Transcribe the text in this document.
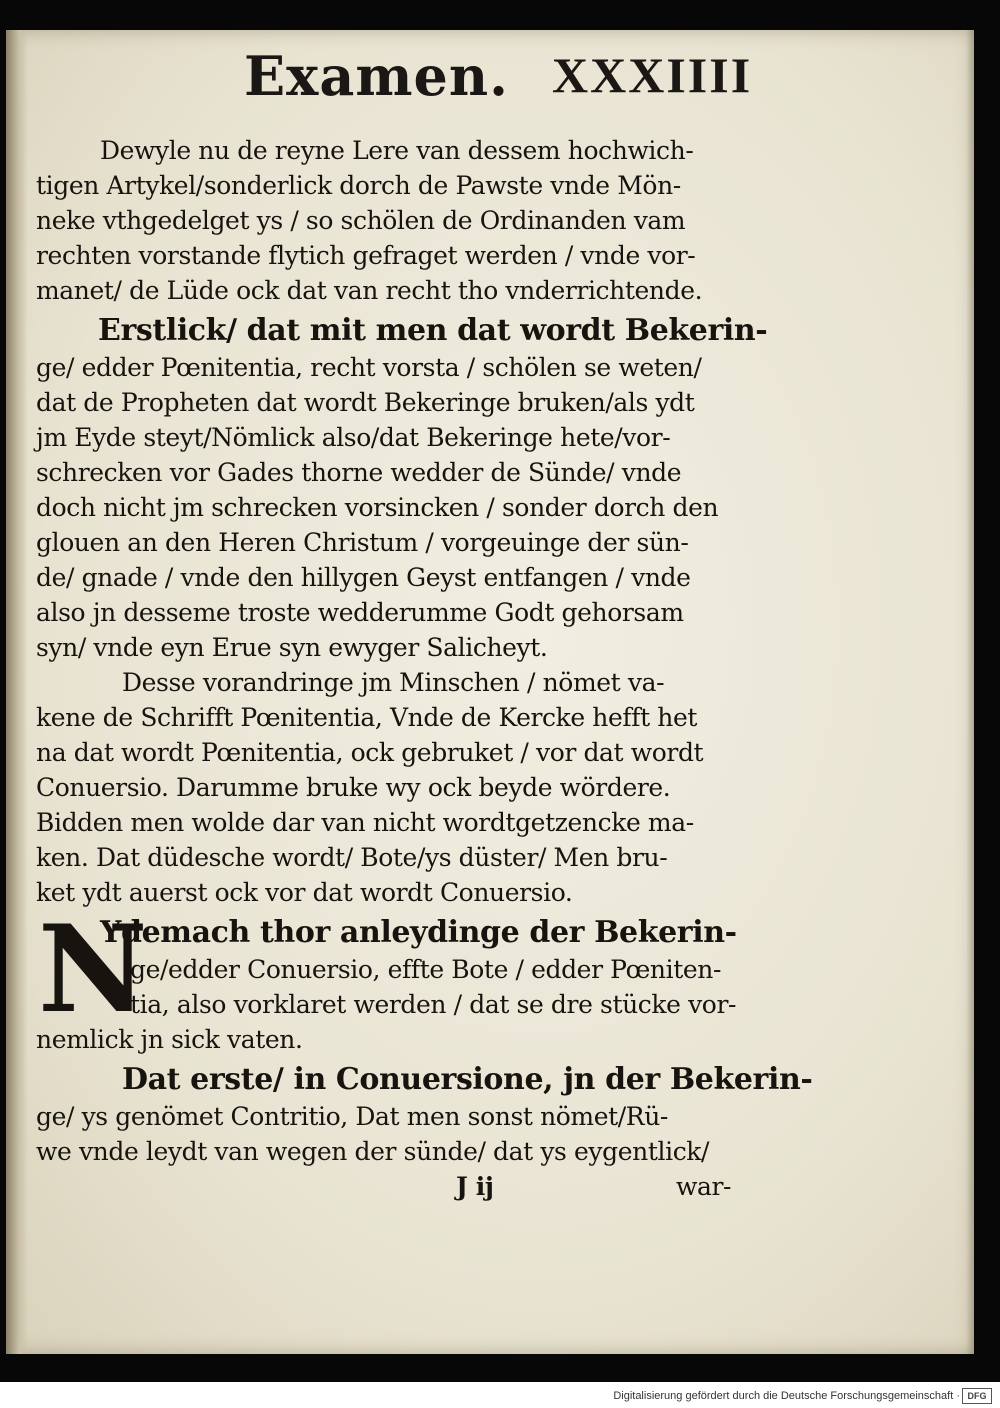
Examen. XXXIIII
Dewyle nu de reyne Lere van dessem hochwich-
tigen Artykel/sonderlick dorch de Pawste vnde Mön-
neke vthgedelget ys / so schölen de Ordinanden vam
rechten vorstande flytich gefraget werden / vnde vor-
manet/ de Lüde ock dat van recht tho vnderrichtende.
Erstlick/ dat mit men dat wordt Bekerin-
ge/ edder Pœnitentia, recht vorsta / schölen se weten/
dat de Propheten dat wordt Bekeringe bruken/als ydt
jm Eyde steyt/Nömlick also/dat Bekeringe hete/vor-
schrecken vor Gades thorne wedder de Sünde/ vnde
doch nicht jm schrecken vorsincken / sonder dorch den
glouen an den Heren Christum / vorgeuinge der sün-
de/ gnade / vnde den hillygen Geyst entfangen / vnde
also jn desseme troste wedderumme Godt gehorsam
syn/ vnde eyn Erue syn ewyger Salicheyt.
Desse vorandringe jm Minschen / nömet va-
kene de Schrifft Pœnitentia, Vnde de Kercke hefft het
na dat wordt Pœnitentia, ock gebruket / vor dat wordt
Conuersio. Darumme bruke wy ock beyde wördere.
Bidden men wolde dar van nicht wordtgetzencke ma-
ken. Dat düdesche wordt/ Bote/ys düster/ Men bru-
ket ydt auerst ock vor dat wordt Conuersio.
N
Ydemach thor anleydinge der Bekerin-
ge/edder Conuersio, effte Bote / edder Pœniten-
tia, also vorklaret werden / dat se dre stücke vor-
nemlick jn sick vaten.
Dat erste/ in Conuersione, jn der Bekerin-
ge/ ys genömet Contritio, Dat men sonst nömet/Rü-
we vnde leydt van wegen der sünde/ dat ys eygentlick/
J ij	war-
Digitalisierung gefördert durch die Deutsche Forschungsgemeinschaft · DFG
